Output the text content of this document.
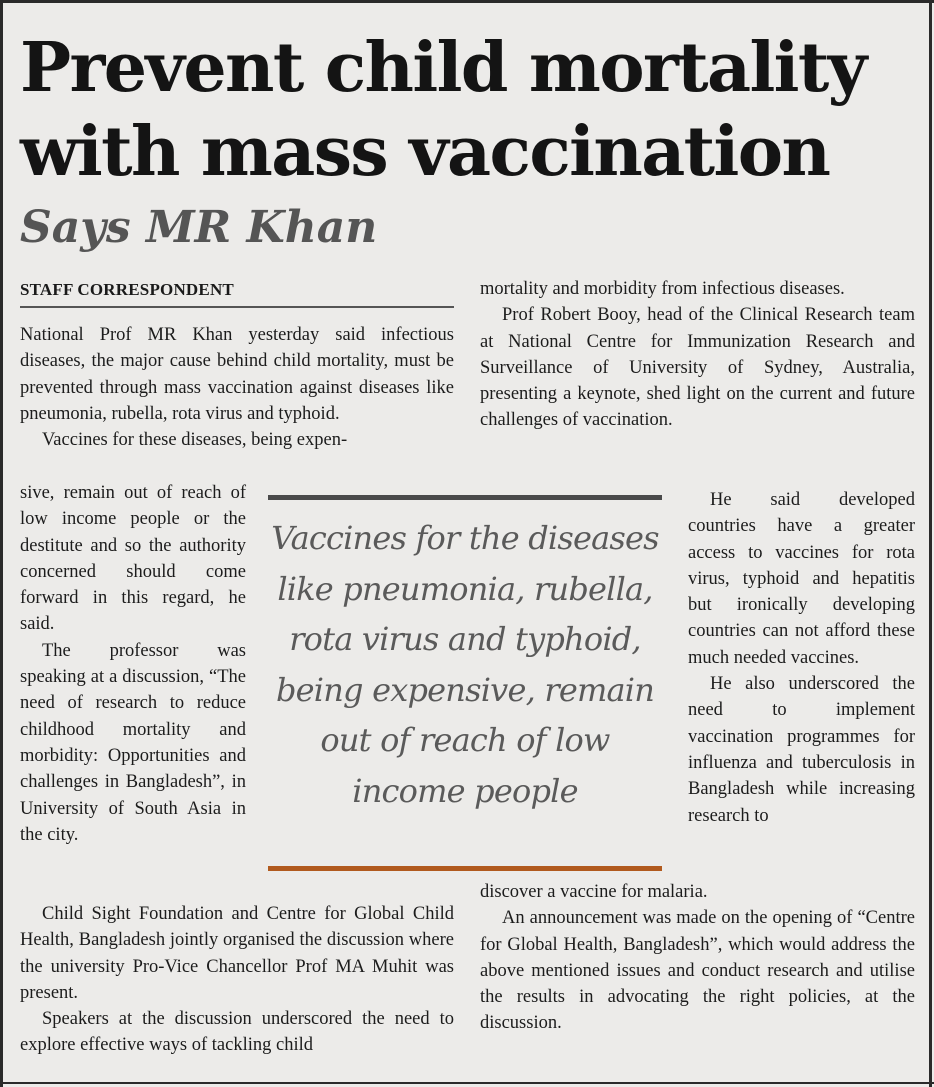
Prevent child mortality with mass vaccination
Says MR Khan
STAFF CORRESPONDENT

National Prof MR Khan yesterday said infectious diseases, the major cause behind child mortality, must be prevented through mass vaccination against diseases like pneumonia, rubella, rota virus and typhoid.

Vaccines for these diseases, being expen-

sive, remain out of reach of low income people or the destitute and so the authority concerned should come forward in this regard, he said.

The professor was speaking at a discussion, “The need of research to reduce childhood mortality and morbidity: Opportunities and challenges in Bangladesh”, in University of South Asia in the city.

Child Sight Foundation and Centre for Global Child Health, Bangladesh jointly organised the discussion where the university Pro-Vice Chancellor Prof MA Muhit was present.

Speakers at the discussion underscored the need to explore effective ways of tackling child

mortality and morbidity from infectious diseases.

Prof Robert Booy, head of the Clinical Research team at National Centre for Immunization Research and Surveillance of University of Sydney, Australia, presenting a keynote, shed light on the current and future challenges of vaccination.

He said developed countries have a greater access to vaccines for rota virus, typhoid and hepatitis but ironically developing countries can not afford these much needed vaccines.

He also underscored the need to implement vaccination programmes for influenza and tuberculosis in Bangladesh while increasing research to

discover a vaccine for malaria.

An announcement was made on the opening of “Centre for Global Health, Bangladesh”, which would address the above mentioned issues and conduct research and utilise the results in advocating the right policies, at the discussion.

Vaccines for the diseases like pneumonia, rubella, rota virus and typhoid, being expensive, remain out of reach of low income people
